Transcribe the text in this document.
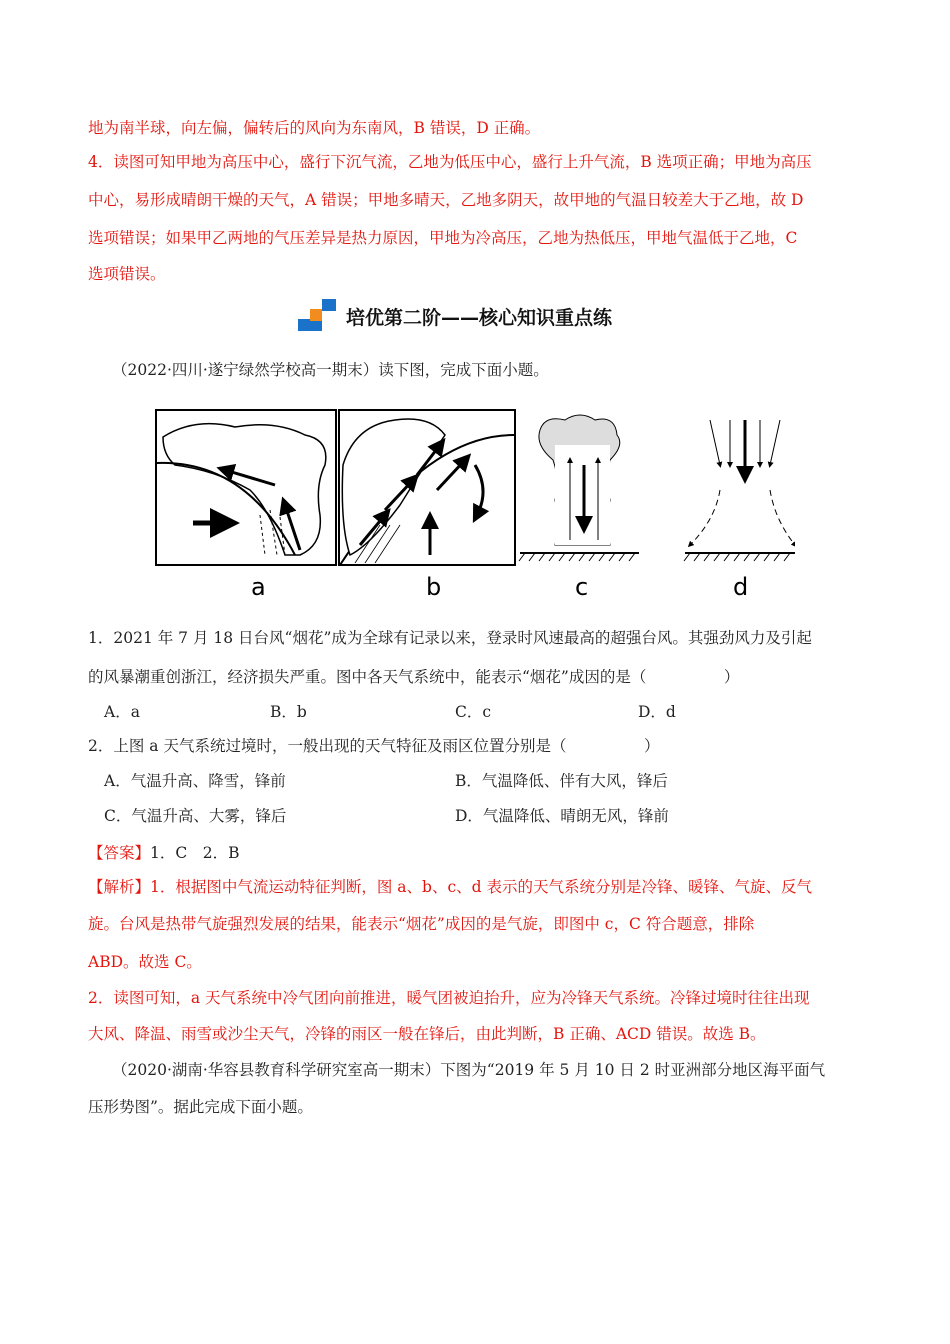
地为南半球，向左偏，偏转后的风向为东南风，B 错误，D 正确。
4．读图可知甲地为高压中心，盛行下沉气流，乙地为低压中心，盛行上升气流，B 选项正确；甲地为高压
中心，易形成晴朗干燥的天气，A 错误；甲地多晴天，乙地多阴天，故甲地的气温日较差大于乙地，故 D
选项错误；如果甲乙两地的气压差异是热力原因，甲地为冷高压，乙地为热低压，甲地气温低于乙地，C
选项错误。
培优第二阶——核心知识重点练
（2022·四川·遂宁绿然学校高一期末）读下图，完成下面小题。
a	b	c	d
1．2021 年 7 月 18 日台风“烟花”成为全球有记录以来，登录时风速最高的超强台风。其强劲风力及引起
的风暴潮重创浙江，经济损失严重。图中各天气系统中，能表示“烟花”成因的是（　　　　　）
A．a	B．b	C．c	D．d
2．上图 a 天气系统过境时，一般出现的天气特征及雨区位置分别是（　　　　　）
A．气温升高、降雪，锋前	B．气温降低、伴有大风，锋后
C．气温升高、大雾，锋后	D．气温降低、晴朗无风，锋前
【答案】1．C　2．B
【解析】1．根据图中气流运动特征判断，图 a、b、c、d 表示的天气系统分别是冷锋、暖锋、气旋、反气
旋。台风是热带气旋强烈发展的结果，能表示“烟花”成因的是气旋，即图中 c，C 符合题意，排除
ABD。故选 C。
2．读图可知，a 天气系统中冷气团向前推进，暖气团被迫抬升，应为冷锋天气系统。冷锋过境时往往出现
大风、降温、雨雪或沙尘天气，冷锋的雨区一般在锋后，由此判断，B 正确、ACD 错误。故选 B。
（2020·湖南·华容县教育科学研究室高一期末）下图为“2019 年 5 月 10 日 2 时亚洲部分地区海平面气
压形势图”。据此完成下面小题。
